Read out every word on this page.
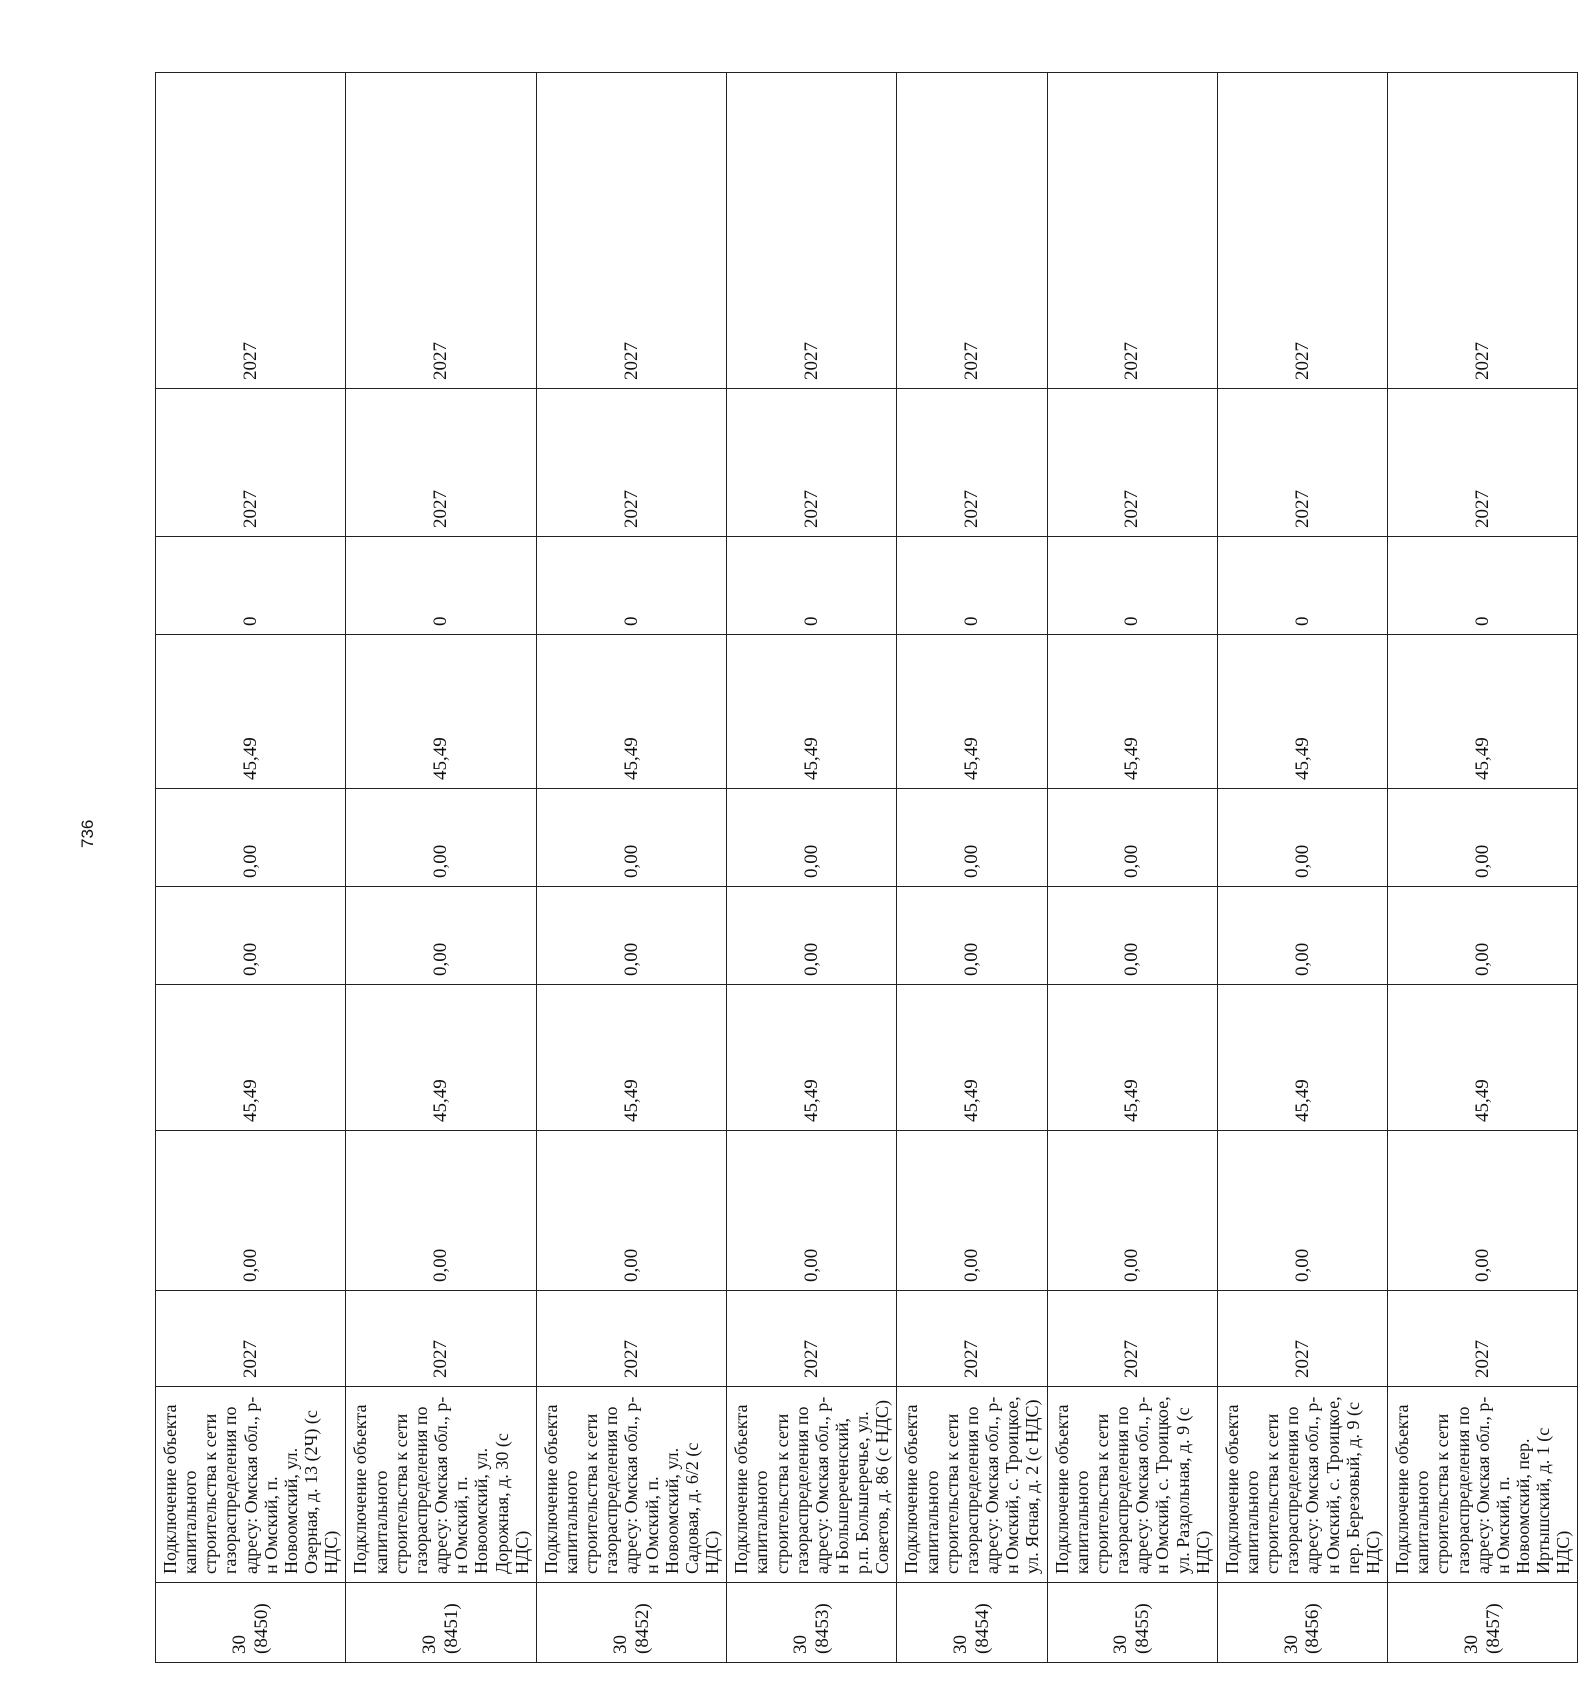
736
30 (8450)	Подключение объекта капитального строительства к сети газораспределения по адресу: Омская обл., р-н Омский, п. Новоомский, ул. Озерная, д. 13 (2Ч) (с НДС)	2027	0,00	45,49	0,00	0,00	45,49	0	2027	2027

30 (8451)	Подключение объекта капитального строительства к сети газораспределения по адресу: Омская обл., р-н Омский, п. Новоомский, ул. Дорожная, д. 30 (с НДС)	2027	0,00	45,49	0,00	0,00	45,49	0	2027	2027

30 (8452)	Подключение объекта капитального строительства к сети газораспределения по адресу: Омская обл., р-н Омский, п. Новоомский, ул. Садовая, д. 6/2 (с НДС)	2027	0,00	45,49	0,00	0,00	45,49	0	2027	2027

30 (8453)	Подключение объекта капитального строительства к сети газораспределения по адресу: Омская обл., р-н Большереченский, р.п. Большеречье, ул. Советов, д. 86 (с НДС)	2027	0,00	45,49	0,00	0,00	45,49	0	2027	2027

30 (8454)	Подключение объекта капитального строительства к сети газораспределения по адресу: Омская обл., р-н Омский, с. Троицкое, ул. Ясная, д. 2 (с НДС)	2027	0,00	45,49	0,00	0,00	45,49	0	2027	2027

30 (8455)	Подключение объекта капитального строительства к сети газораспределения по адресу: Омская обл., р-н Омский, с. Троицкое, ул. Раздольная, д. 9 (с НДС)	2027	0,00	45,49	0,00	0,00	45,49	0	2027	2027

30 (8456)	Подключение объекта капитального строительства к сети газораспределения по адресу: Омская обл., р-н Омский, с. Троицкое, пер. Березовый, д. 9 (с НДС)	2027	0,00	45,49	0,00	0,00	45,49	0	2027	2027

30 (8457)	Подключение объекта капитального строительства к сети газораспределения по адресу: Омская обл., р-н Омский, п. Новоомский, пер. Иртышский, д. 1 (с НДС)	2027	0,00	45,49	0,00	0,00	45,49	0	2027	2027
